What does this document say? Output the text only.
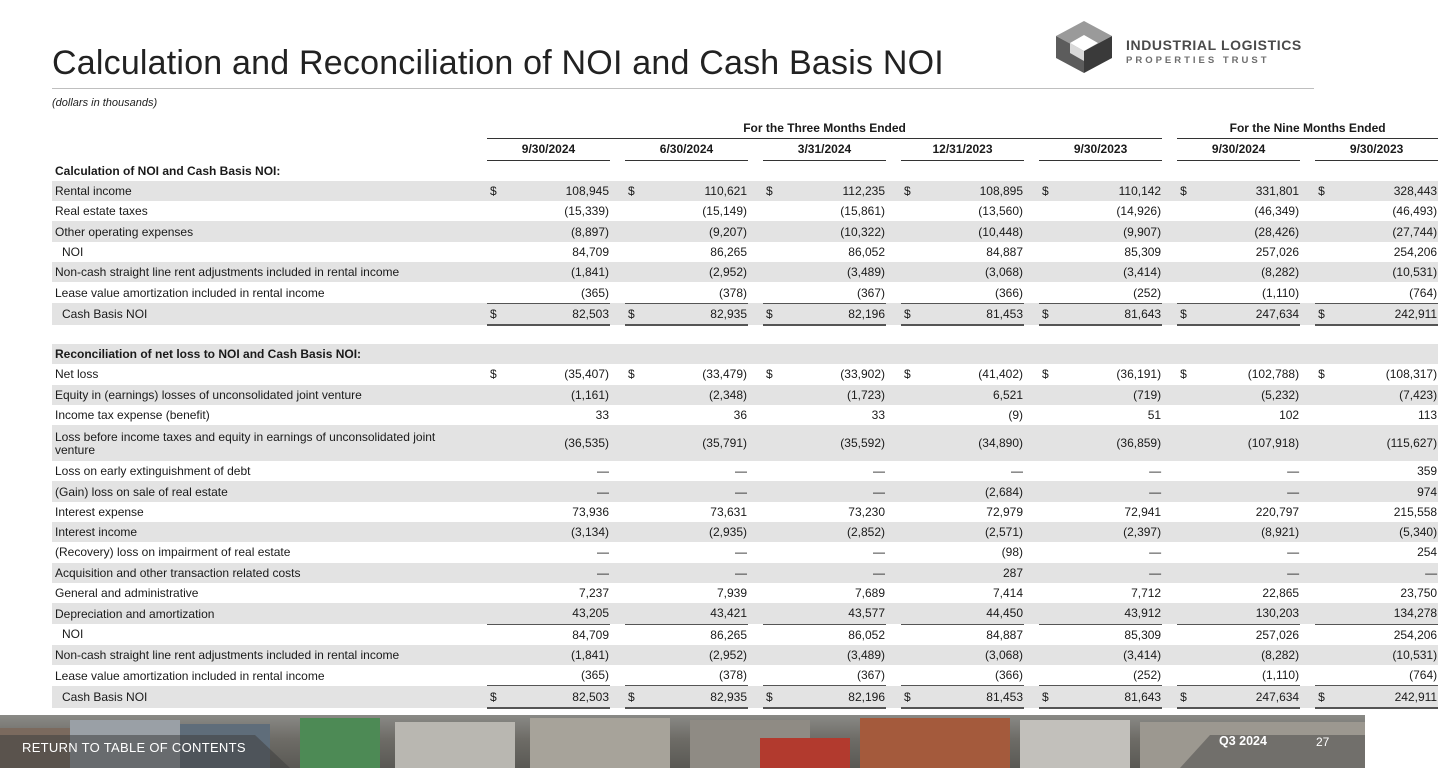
Calculation and Reconciliation of NOI and Cash Basis NOI	INDUSTRIAL LOGISTICS
PROPERTIES TRUST
(dollars in thousands)
		For the Three Months Ended										For the Nine Months Ended		
		9/30/2024		6/30/2024		3/31/2024		12/31/2023		9/30/2023		9/30/2024		9/30/2023
Calculation of NOI and Cash Basis NOI:														
Rental income		$ 108,945		$ 110,621		$ 112,235		$ 108,895		$ 110,142		$ 331,801		$ 328,443
Real estate taxes		(15,339)		(15,149)		(15,861)		(13,560)		(14,926)		(46,349)		(46,493)
Other operating expenses		(8,897)		(9,207)		(10,322)		(10,448)		(9,907)		(28,426)		(27,744)
NOI		84,709		86,265		86,052		84,887		85,309		257,026		254,206
Non-cash straight line rent adjustments included in rental income		(1,841)		(2,952)		(3,489)		(3,068)		(3,414)		(8,282)		(10,531)
Lease value amortization included in rental income		(365)		(378)		(367)		(366)		(252)		(1,110)		(764)
Cash Basis NOI		$ 82,503		$ 82,935		$ 82,196		$ 81,453		$ 81,643		$ 247,634		$ 242,911

Reconciliation of net loss to NOI and Cash Basis NOI:														
Net loss		$ (35,407)		$ (33,479)		$ (33,902)		$ (41,402)		$ (36,191)		$ (102,788)		$ (108,317)
Equity in (earnings) losses of unconsolidated joint venture		(1,161)		(2,348)		(1,723)		6,521		(719)		(5,232)		(7,423)
Income tax expense (benefit)		33		36		33		(9)		51		102		113
Loss before income taxes and equity in earnings of unconsolidated joint venture		(36,535)		(35,791)		(35,592)		(34,890)		(36,859)		(107,918)		(115,627)
Loss on early extinguishment of debt		—		—		—		—		—		—		359
(Gain) loss on sale of real estate		—		—		—		(2,684)		—		—		974
Interest expense		73,936		73,631		73,230		72,979		72,941		220,797		215,558
Interest income		(3,134)		(2,935)		(2,852)		(2,571)		(2,397)		(8,921)		(5,340)
(Recovery) loss on impairment of real estate		—		—		—		(98)		—		—		254
Acquisition and other transaction related costs		—		—		—		287		—		—		—
General and administrative		7,237		7,939		7,689		7,414		7,712		22,865		23,750
Depreciation and amortization		43,205		43,421		43,577		44,450		43,912		130,203		134,278
NOI		84,709		86,265		86,052		84,887		85,309		257,026		254,206
Non-cash straight line rent adjustments included in rental income		(1,841)		(2,952)		(3,489)		(3,068)		(3,414)		(8,282)		(10,531)
Lease value amortization included in rental income		(365)		(378)		(367)		(366)		(252)		(1,110)		(764)
Cash Basis NOI		$ 82,503		$ 82,935		$ 82,196		$ 81,453		$ 81,643		$ 247,634		$ 242,911
RETURN TO TABLE OF CONTENTS	Q3 2024	27
